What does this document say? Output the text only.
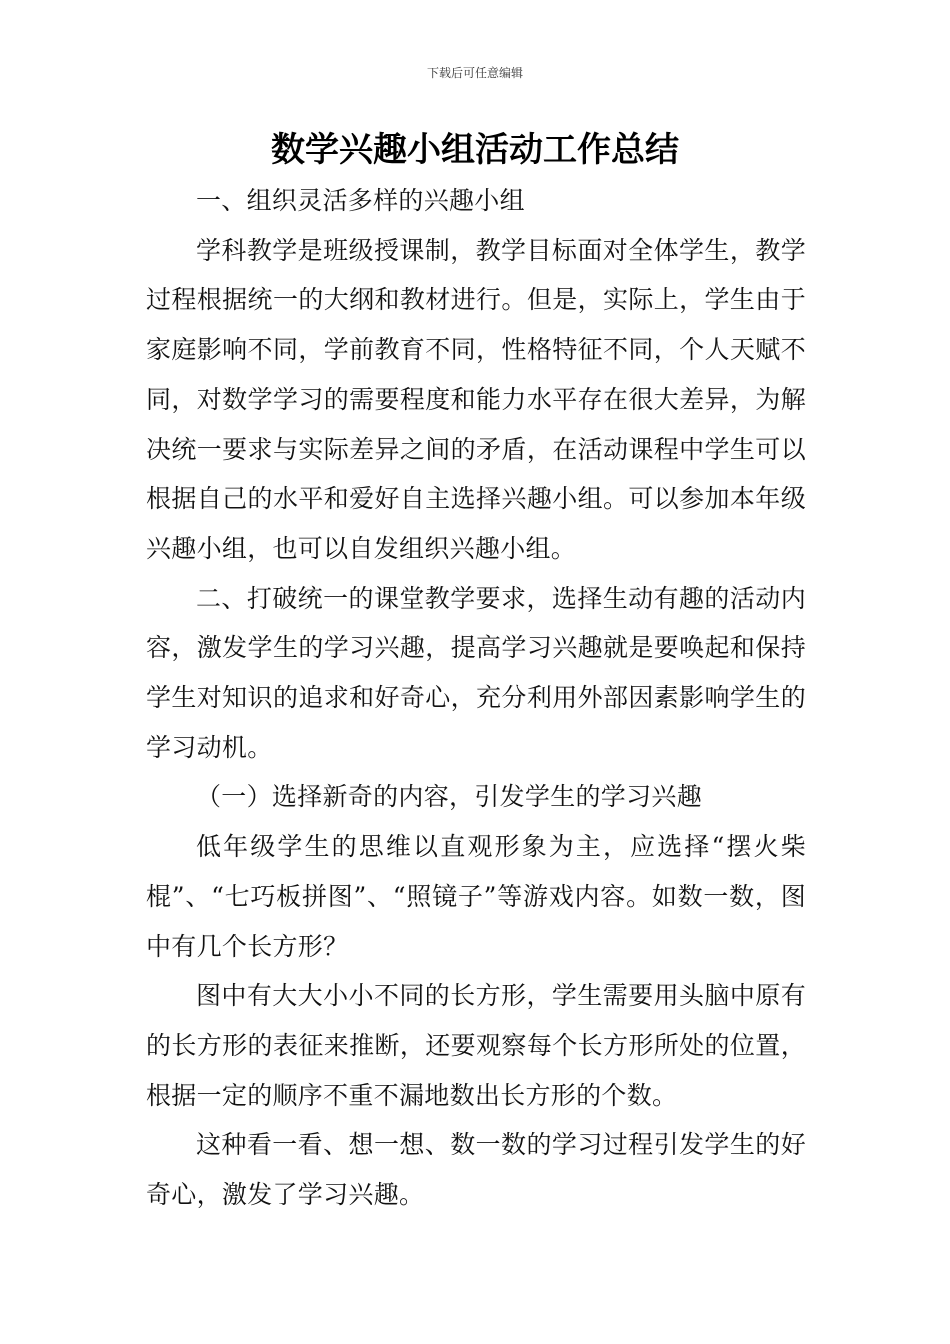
下载后可任意编辑
数学兴趣小组活动工作总结

一、组织灵活多样的兴趣小组

学科教学是班级授课制，教学目标面对全体学生，教学过程根据统一的大纲和教材进行。但是，实际上，学生由于家庭影响不同，学前教育不同，性格特征不同，个人天赋不同，对数学学习的需要程度和能力水平存在很大差异，为解决统一要求与实际差异之间的矛盾，在活动课程中学生可以根据自己的水平和爱好自主选择兴趣小组。可以参加本年级兴趣小组，也可以自发组织兴趣小组。

二、打破统一的课堂教学要求，选择生动有趣的活动内容，激发学生的学习兴趣，提高学习兴趣就是要唤起和保持学生对知识的追求和好奇心，充分利用外部因素影响学生的学习动机。

（一）选择新奇的内容，引发学生的学习兴趣

低年级学生的思维以直观形象为主，应选择“摆火柴棍”、“七巧板拼图”、“照镜子”等游戏内容。如数一数，图中有几个长方形？

图中有大大小小不同的长方形，学生需要用头脑中原有的长方形的表征来推断，还要观察每个长方形所处的位置，根据一定的顺序不重不漏地数出长方形的个数。

这种看一看、想一想、数一数的学习过程引发学生的好奇心，激发了学习兴趣。
